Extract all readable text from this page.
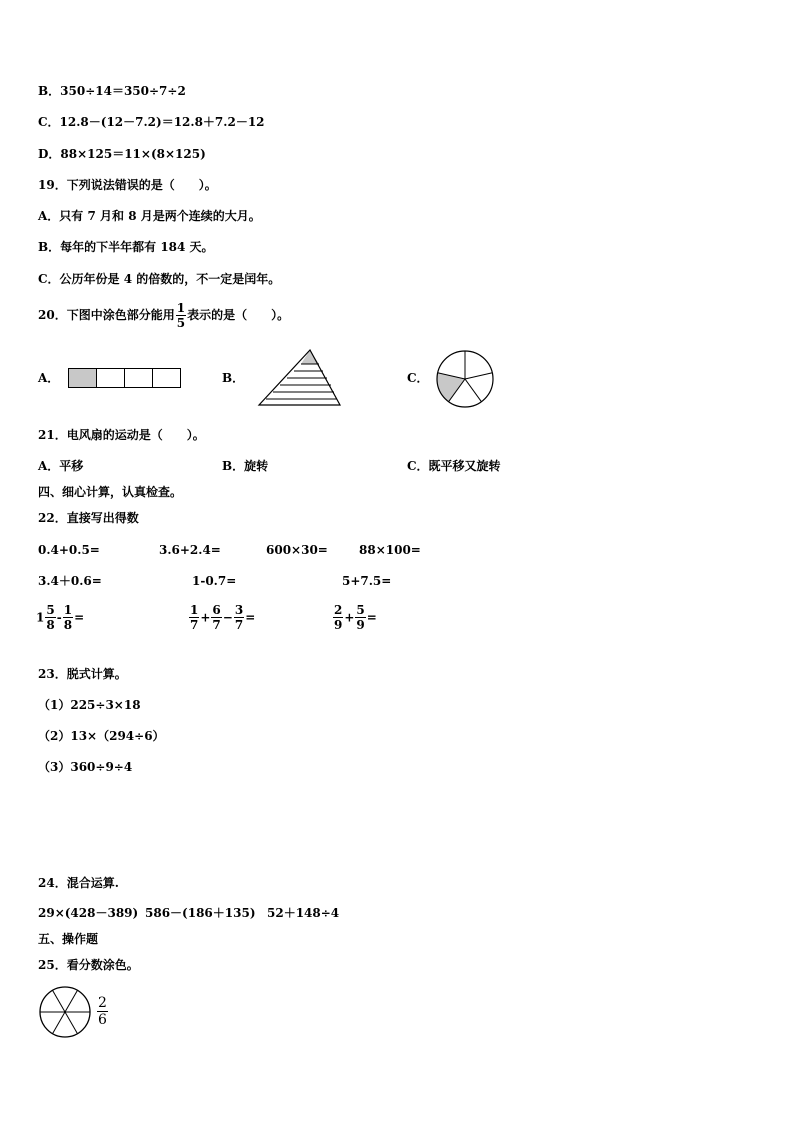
B．350÷14＝350÷7÷2
C．12.8－(12－7.2)＝12.8＋7.2－12
D．88×125＝11×(8×125)
19．下列说法错误的是（　　）。
A．只有 7 月和 8 月是两个连续的大月。
B．每年的下半年都有 184 天。
C．公历年份是 4 的倍数的，不一定是闰年。
20．下图中涂色部分能用 $\frac{1}{5}$ 表示的是（　　）。
A．	B．	C．
21．电风扇的运动是（　　）。
A．平移	B．旋转	C．既平移又旋转
四、细心计算，认真检查。
22．直接写出得数
0.4+0.5=	3.6+2.4=	600×30=	88×100=
3.4＋0.6=	1-0.7=	5+7.5=
$1 \frac{5}{8} - \frac{1}{8}$ =	$\frac{1}{7} + \frac{6}{7} - \frac{3}{7}$ =	$\frac{2}{9} + \frac{5}{9}$ =
23．脱式计算。
（1）225÷3×18
（2）13×（294÷6）
（3）360÷9÷4
24．混合运算.
29×(428－389) 586－(186＋135) 52＋148÷4
五、操作题
25．看分数涂色。
$\frac{2}{6}$
